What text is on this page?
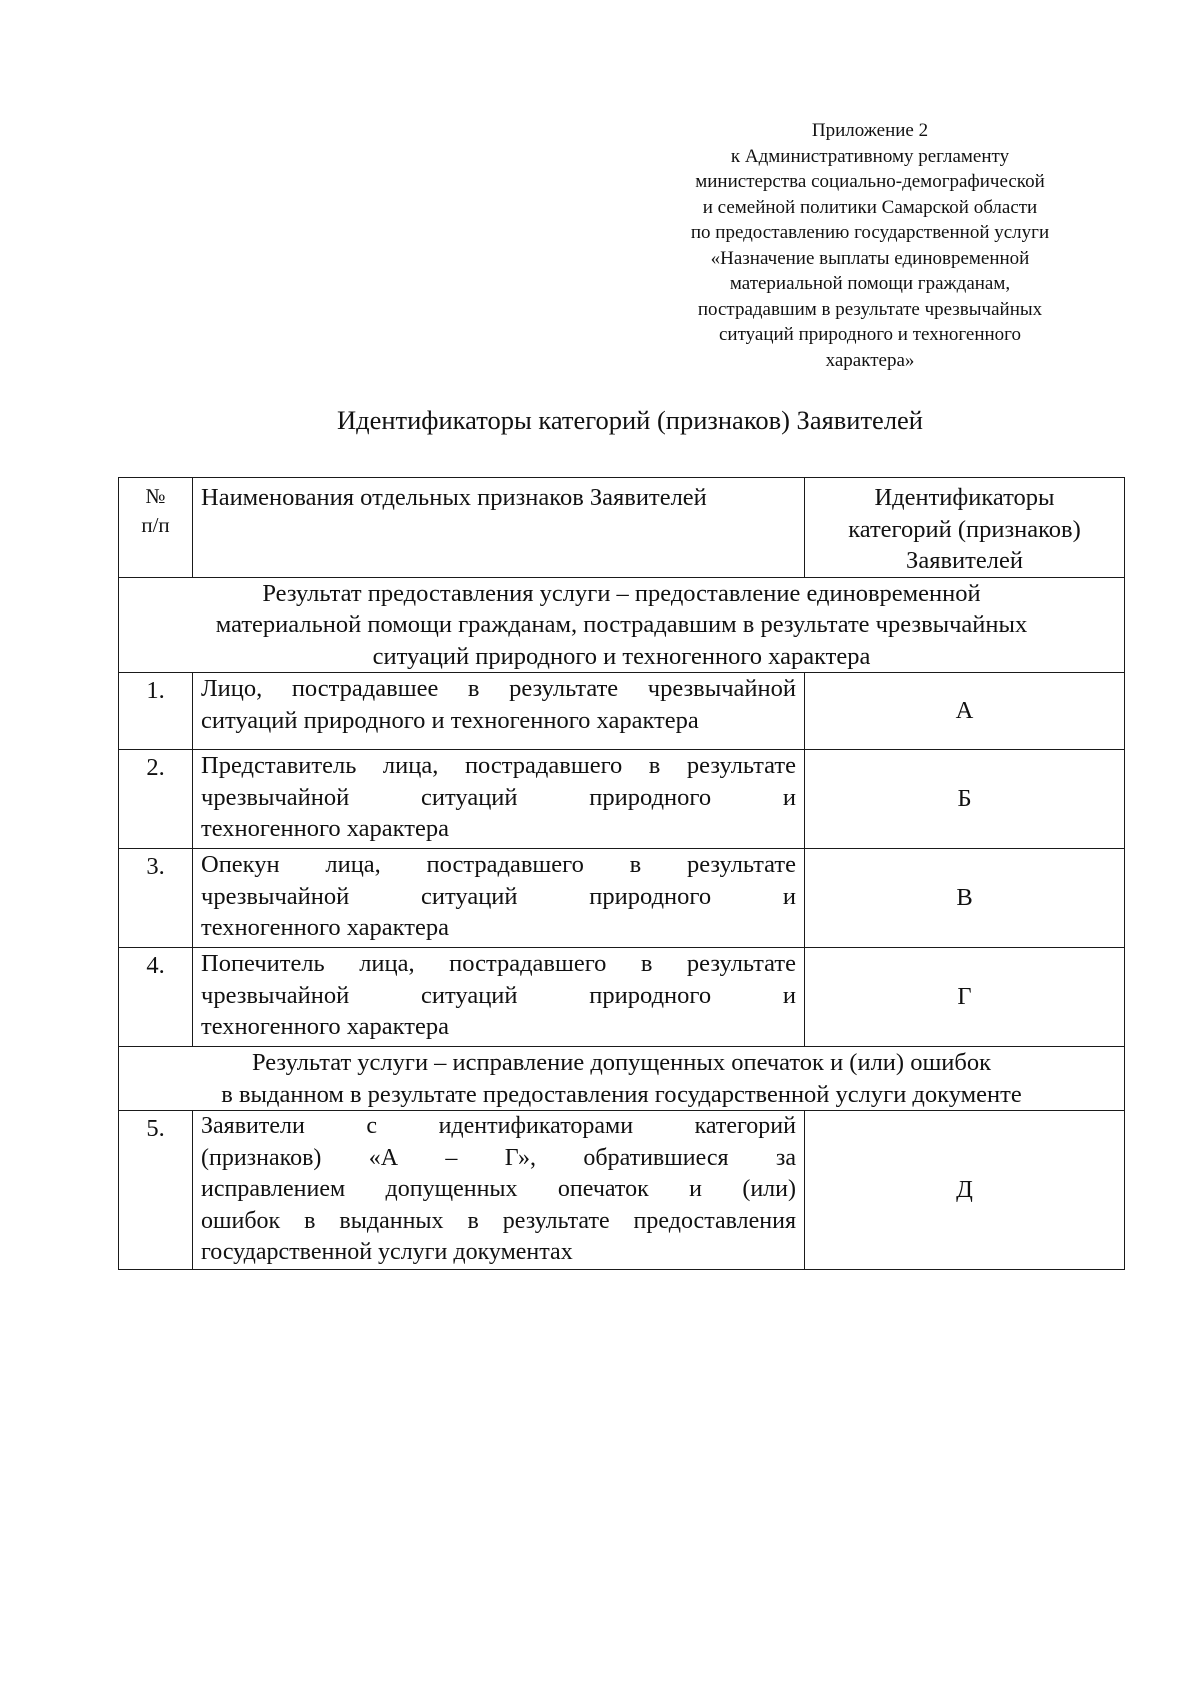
Приложение 2
к Административному регламенту
министерства социально-демографической
и семейной политики Самарской области
по предоставлению государственной услуги
«Назначение выплаты единовременной
материальной помощи гражданам,
пострадавшим в результате чрезвычайных
ситуаций природного и техногенного
характера»
Идентификаторы категорий (признаков) Заявителей
№
п/п	Наименования отдельных признаков Заявителей	Идентификаторы
категорий (признаков)
Заявителей

Результат предоставления услуги – предоставление единовременной
материальной помощи гражданам, пострадавшим в результате чрезвычайных
ситуаций природного и техногенного характера		

1.	Лицо, пострадавшее в результате чрезвычайной
ситуаций природного и техногенного характера	А
2.	Представитель лица, пострадавшего в результате
чрезвычайной ситуаций природного и
техногенного характера	Б
3.	Опекун лица, пострадавшего в результате
чрезвычайной ситуаций природного и
техногенного характера	В
4.	Попечитель лица, пострадавшего в результате
чрезвычайной ситуаций природного и
техногенного характера	Г

Результат услуги – исправление допущенных опечаток и (или) ошибок
в выданном в результате предоставления государственной услуги документе		

5.	Заявители с идентификаторами категорий
(признаков) «А – Г», обратившиеся за
исправлением допущенных опечаток и (или)
ошибок в выданных в результате предоставления
государственной услуги документах	Д
